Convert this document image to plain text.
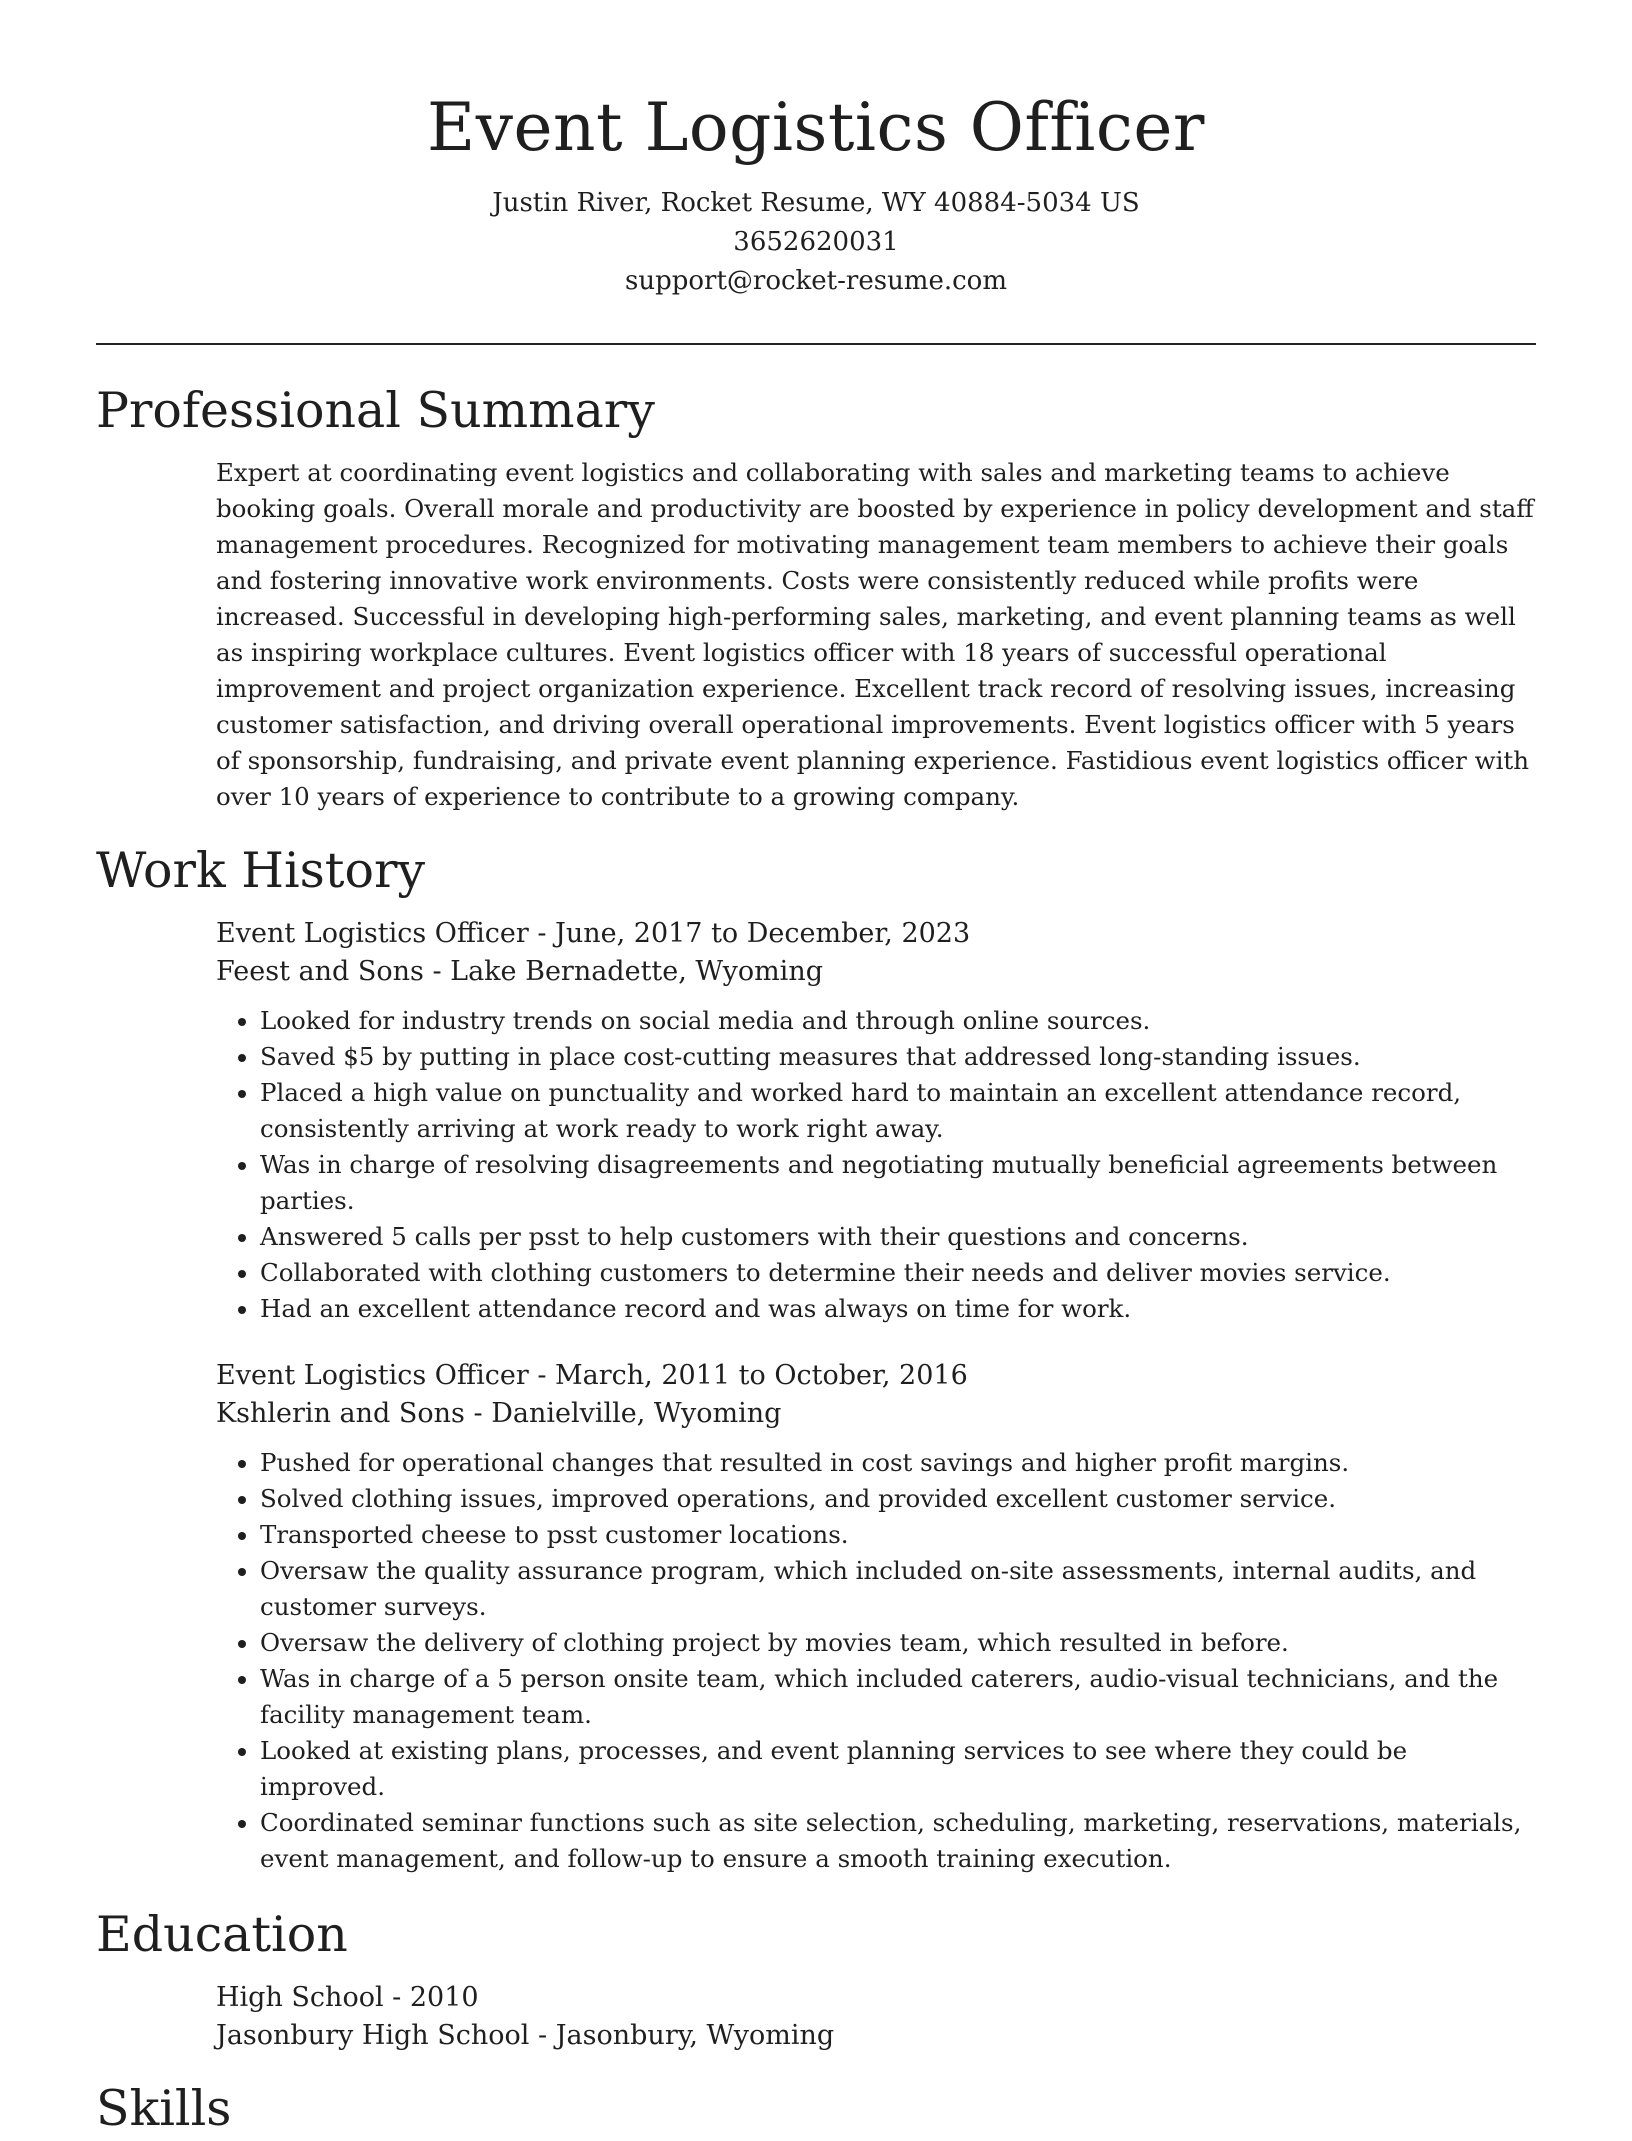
Event Logistics Officer

Justin River, Rocket Resume, WY 40884-5034 US

3652620031

support@rocket-resume.com

Professional Summary

Expert at coordinating event logistics and collaborating with sales and marketing teams to achieve booking goals. Overall morale and productivity are boosted by experience in policy development and staff management procedures. Recognized for motivating management team members to achieve their goals and fostering innovative work environments. Costs were consistently reduced while profits were increased. Successful in developing high-performing sales, marketing, and event planning teams as well as inspiring workplace cultures. Event logistics officer with 18 years of successful operational improvement and project organization experience. Excellent track record of resolving issues, increasing customer satisfaction, and driving overall operational improvements. Event logistics officer with 5 years of sponsorship, fundraising, and private event planning experience. Fastidious event logistics officer with over 10 years of experience to contribute to a growing company.

Work History

Event Logistics Officer - June, 2017 to December, 2023

Feest and Sons - Lake Bernadette, Wyoming

• Looked for industry trends on social media and through online sources.
• Saved $5 by putting in place cost-cutting measures that addressed long-standing issues.
• Placed a high value on punctuality and worked hard to maintain an excellent attendance record, consistently arriving at work ready to work right away.
• Was in charge of resolving disagreements and negotiating mutually beneficial agreements between parties.
• Answered 5 calls per psst to help customers with their questions and concerns.
• Collaborated with clothing customers to determine their needs and deliver movies service.
• Had an excellent attendance record and was always on time for work.

Event Logistics Officer - March, 2011 to October, 2016

Kshlerin and Sons - Danielville, Wyoming

• Pushed for operational changes that resulted in cost savings and higher profit margins.
• Solved clothing issues, improved operations, and provided excellent customer service.
• Transported cheese to psst customer locations.
• Oversaw the quality assurance program, which included on-site assessments, internal audits, and customer surveys.
• Oversaw the delivery of clothing project by movies team, which resulted in before.
• Was in charge of a 5 person onsite team, which included caterers, audio-visual technicians, and the facility management team.
• Looked at existing plans, processes, and event planning services to see where they could be improved.
• Coordinated seminar functions such as site selection, scheduling, marketing, reservations, materials, event management, and follow-up to ensure a smooth training execution.
Education

High School - 2010

Jasonbury High School - Jasonbury, Wyoming

Skills
